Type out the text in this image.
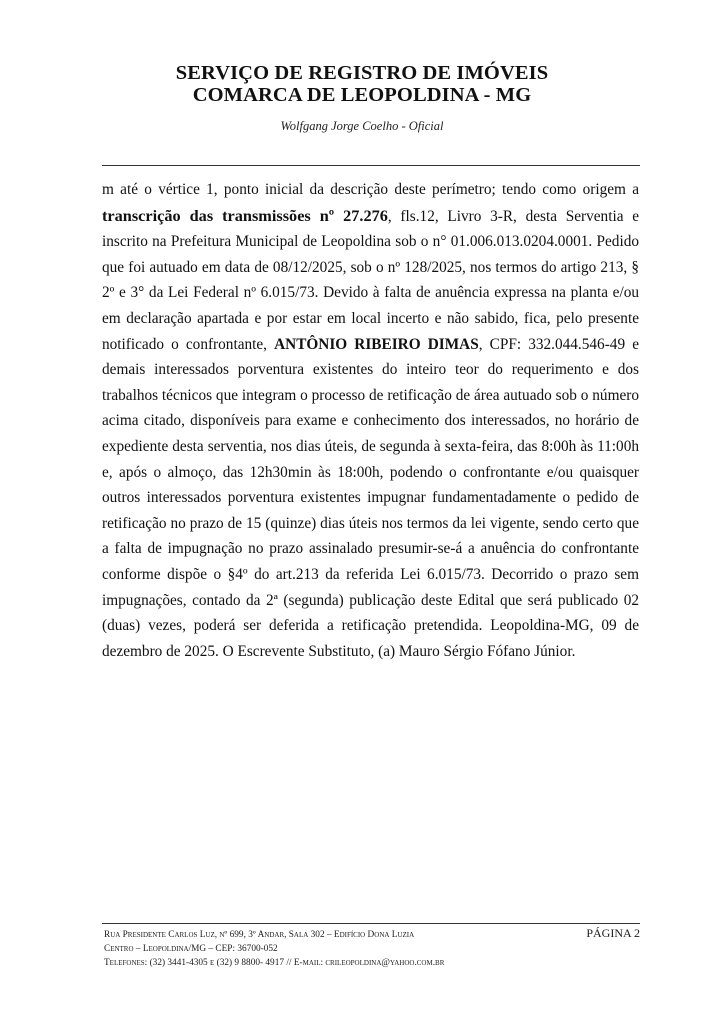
SERVIÇO DE REGISTRO DE IMÓVEIS

COMARCA DE LEOPOLDINA - MG

Wolfgang Jorge Coelho - Oficial

m até o vértice 1, ponto inicial da descrição deste perímetro; tendo como origem a transcrição das transmissões nº 27.276, fls.12, Livro 3-R, desta Serventia e inscrito na Prefeitura Municipal de Leopoldina sob o n° 01.006.013.0204.0001. Pedido que foi autuado em data de 08/12/2025, sob o nº 128/2025, nos termos do artigo 213, § 2º e 3° da Lei Federal nº 6.015/73. Devido à falta de anuência expressa na planta e/ou em declaração apartada e por estar em local incerto e não sabido, fica, pelo presente notificado o confrontante, ANTÔNIO RIBEIRO DIMAS, CPF: 332.044.546-49 e demais interessados porventura existentes do inteiro teor do requerimento e dos trabalhos técnicos que integram o processo de retificação de área autuado sob o número acima citado, disponíveis para exame e conhecimento dos interessados, no horário de expediente desta serventia, nos dias úteis, de segunda à sexta-feira, das 8:00h às 11:00h e, após o almoço, das 12h30min às 18:00h, podendo o confrontante e/ou quaisquer outros interessados porventura existentes impugnar fundamentadamente o pedido de retificação no prazo de 15 (quinze) dias úteis nos termos da lei vigente, sendo certo que a falta de impugnação no prazo assinalado presumir-se-á a anuência do confrontante conforme dispõe o §4º do art.213 da referida Lei 6.015/73. Decorrido o prazo sem impugnações, contado da 2ª (segunda) publicação deste Edital que será publicado 02 (duas) vezes, poderá ser deferida a retificação pretendida. Leopoldina-MG, 09 de dezembro de 2025. O Escrevente Substituto, (a) Mauro Sérgio Fófano Júnior.

Rua Presidente Carlos Luz, nº 699, 3º Andar, Sala 302 – Edifício Dona Luzia
Centro – Leopoldina/MG – CEP: 36700-052
Telefones: (32) 3441-4305 e (32) 9 8800- 4917 // E-mail: crileopoldina@yahoo.com.br
PÁGINA 2
